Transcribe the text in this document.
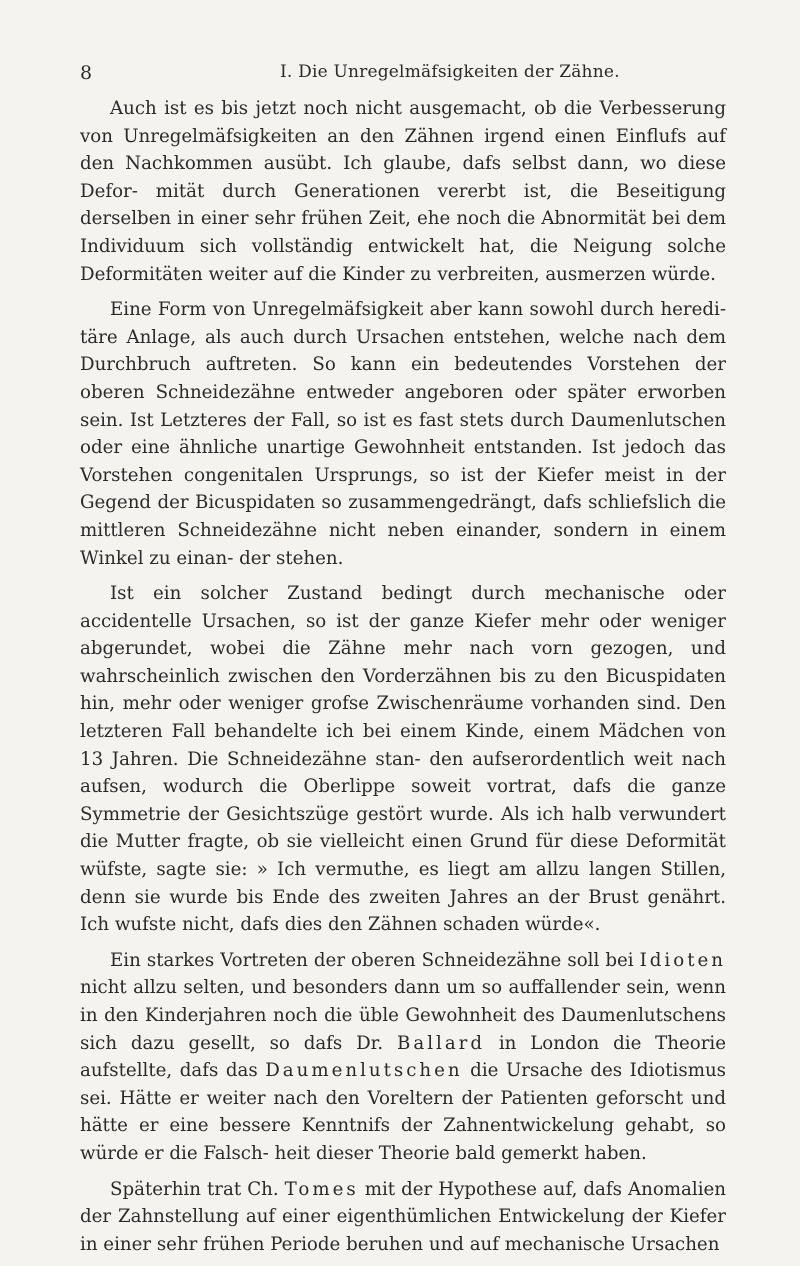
8	I. Die Unregelmäfsigkeiten der Zähne.

Auch ist es bis jetzt noch nicht ausgemacht, ob die Verbesserung von Unregelmäfsigkeiten an den Zähnen irgend einen Einflufs auf den Nachkommen ausübt. Ich glaube, dafs selbst dann, wo diese Defor- mität durch Generationen vererbt ist, die Beseitigung derselben in einer sehr frühen Zeit, ehe noch die Abnormität bei dem Individuum sich vollständig entwickelt hat, die Neigung solche Deformitäten weiter auf die Kinder zu verbreiten, ausmerzen würde.

Eine Form von Unregelmäfsigkeit aber kann sowohl durch heredi- täre Anlage, als auch durch Ursachen entstehen, welche nach dem Durchbruch auftreten. So kann ein bedeutendes Vorstehen der oberen Schneidezähne entweder angeboren oder später erworben sein. Ist Letzteres der Fall, so ist es fast stets durch Daumenlutschen oder eine ähnliche unartige Gewohnheit entstanden. Ist jedoch das Vorstehen congenitalen Ursprungs, so ist der Kiefer meist in der Gegend der Bicuspidaten so zusammengedrängt, dafs schliefslich die mittleren Schneidezähne nicht neben einander, sondern in einem Winkel zu einan- der stehen.

Ist ein solcher Zustand bedingt durch mechanische oder accidentelle Ursachen, so ist der ganze Kiefer mehr oder weniger abgerundet, wobei die Zähne mehr nach vorn gezogen, und wahrscheinlich zwischen den Vorderzähnen bis zu den Bicuspidaten hin, mehr oder weniger grofse Zwischenräume vorhanden sind. Den letzteren Fall behandelte ich bei einem Kinde, einem Mädchen von 13 Jahren. Die Schneidezähne stan- den aufserordentlich weit nach aufsen, wodurch die Oberlippe soweit vortrat, dafs die ganze Symmetrie der Gesichtszüge gestört wurde. Als ich halb verwundert die Mutter fragte, ob sie vielleicht einen Grund für diese Deformität wüfste, sagte sie: » Ich vermuthe, es liegt am allzu langen Stillen, denn sie wurde bis Ende des zweiten Jahres an der Brust genährt. Ich wufste nicht, dafs dies den Zähnen schaden würde«.

Ein starkes Vortreten der oberen Schneidezähne soll bei Idioten nicht allzu selten, und besonders dann um so auffallender sein, wenn in den Kinderjahren noch die üble Gewohnheit des Daumenlutschens sich dazu gesellt, so dafs Dr. Ballard in London die Theorie aufstellte, dafs das Daumenlutschen die Ursache des Idiotismus sei. Hätte er weiter nach den Voreltern der Patienten geforscht und hätte er eine bessere Kenntnifs der Zahnentwickelung gehabt, so würde er die Falsch- heit dieser Theorie bald gemerkt haben.

Späterhin trat Ch. Tomes mit der Hypothese auf, dafs Anomalien der Zahnstellung auf einer eigenthümlichen Entwickelung der Kiefer in einer sehr frühen Periode beruhen und auf mechanische Ursachen
